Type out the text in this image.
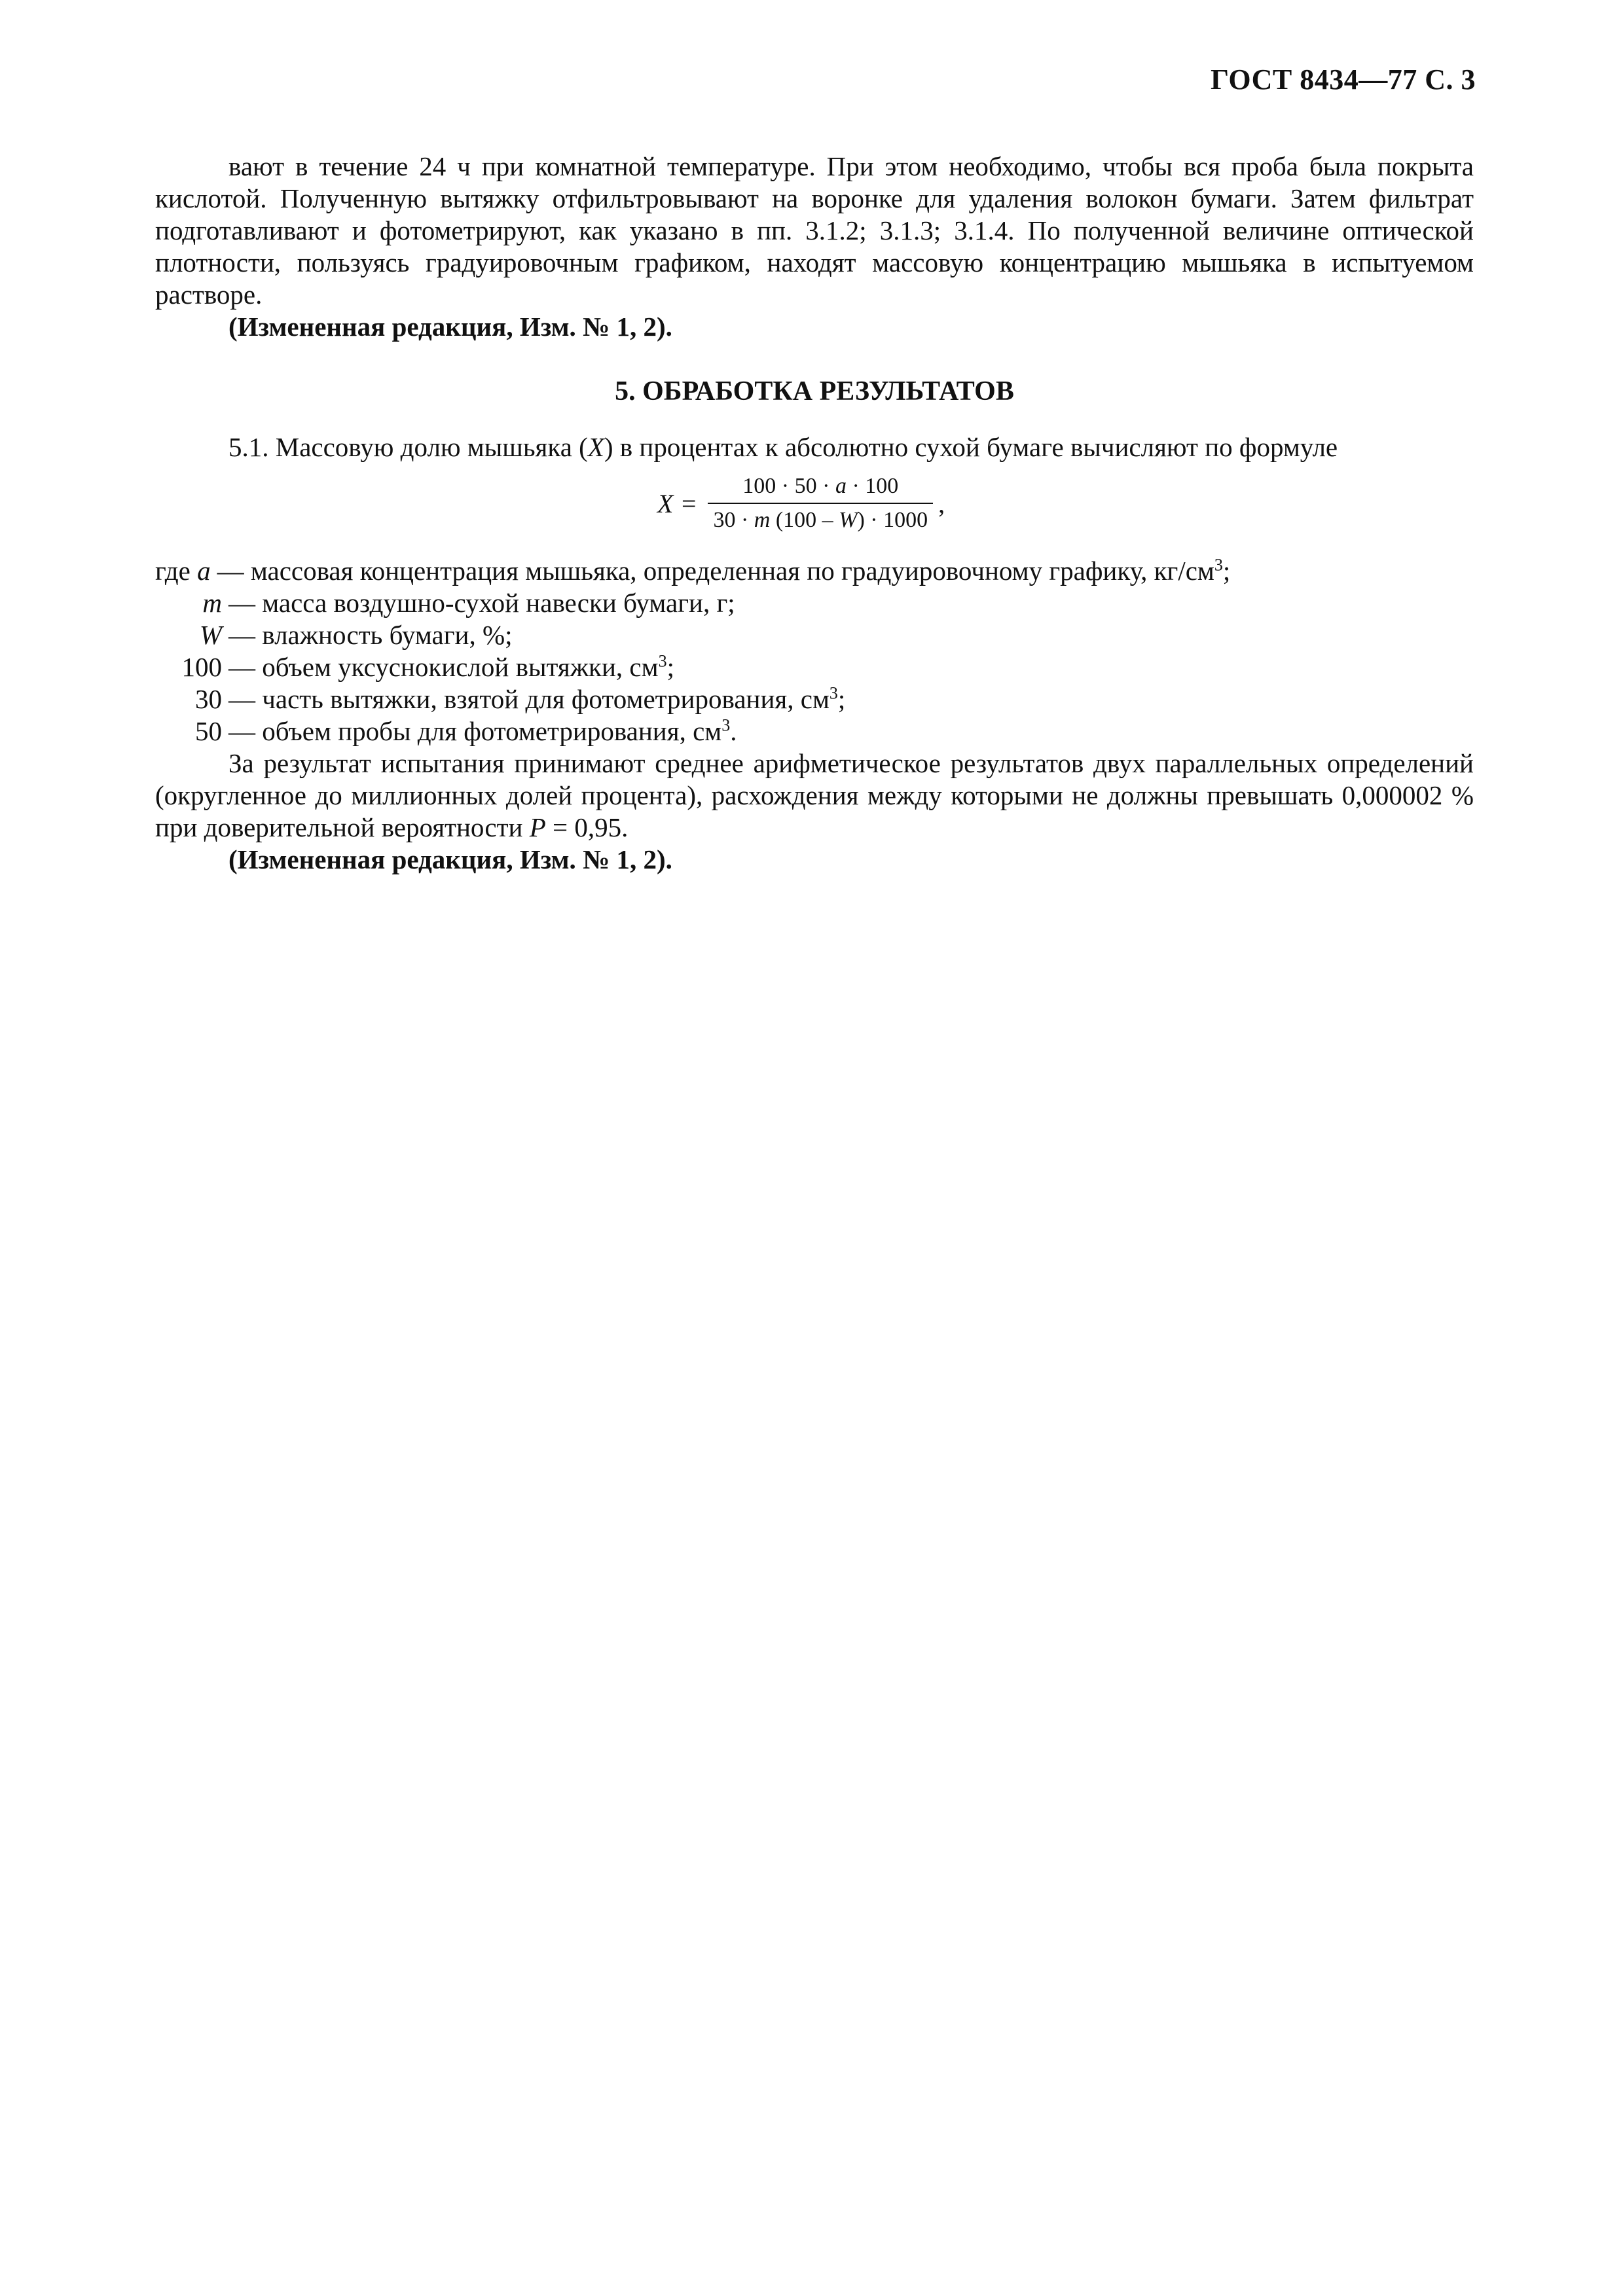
ГОСТ 8434—77 С. 3

вают в течение 24 ч при комнатной температуре. При этом необходимо, чтобы вся проба была покрыта кислотой. Полученную вытяжку отфильтровывают на воронке для удаления волокон бумаги. Затем фильтрат подготавливают и фотометрируют, как указано в пп. 3.1.2; 3.1.3; 3.1.4. По полученной величине оптической плотности, пользуясь градуировочным графиком, находят массовую концентрацию мышьяка в испытуемом растворе.

(Измененная редакция, Изм. № 1, 2).

5. ОБРАБОТКА РЕЗУЛЬТАТОВ

5.1. Массовую долю мышьяка (X) в процентах к абсолютно сухой бумаге вычисляют по формуле

$X = \frac{100 \cdot 50 \cdot a \cdot 100}{30 \cdot m (100 - W) \cdot 1000}$ ,

где a — массовая концентрация мышьяка, определенная по градуировочному графику, $кг/см^3$;

m — масса воздушно-сухой навески бумаги, г;

W — влажность бумаги, %;

100 — объем уксуснокислой вытяжки, $см^3$;

30 — часть вытяжки, взятой для фотометрирования, $см^3$;

50 — объем пробы для фотометрирования, $см^3$.

За результат испытания принимают среднее арифметическое результатов двух параллельных определений (округленное до миллионных долей процента), расхождения между которыми не должны превышать 0,000002 % при доверительной вероятности P = 0,95.

(Измененная редакция, Изм. № 1, 2).
